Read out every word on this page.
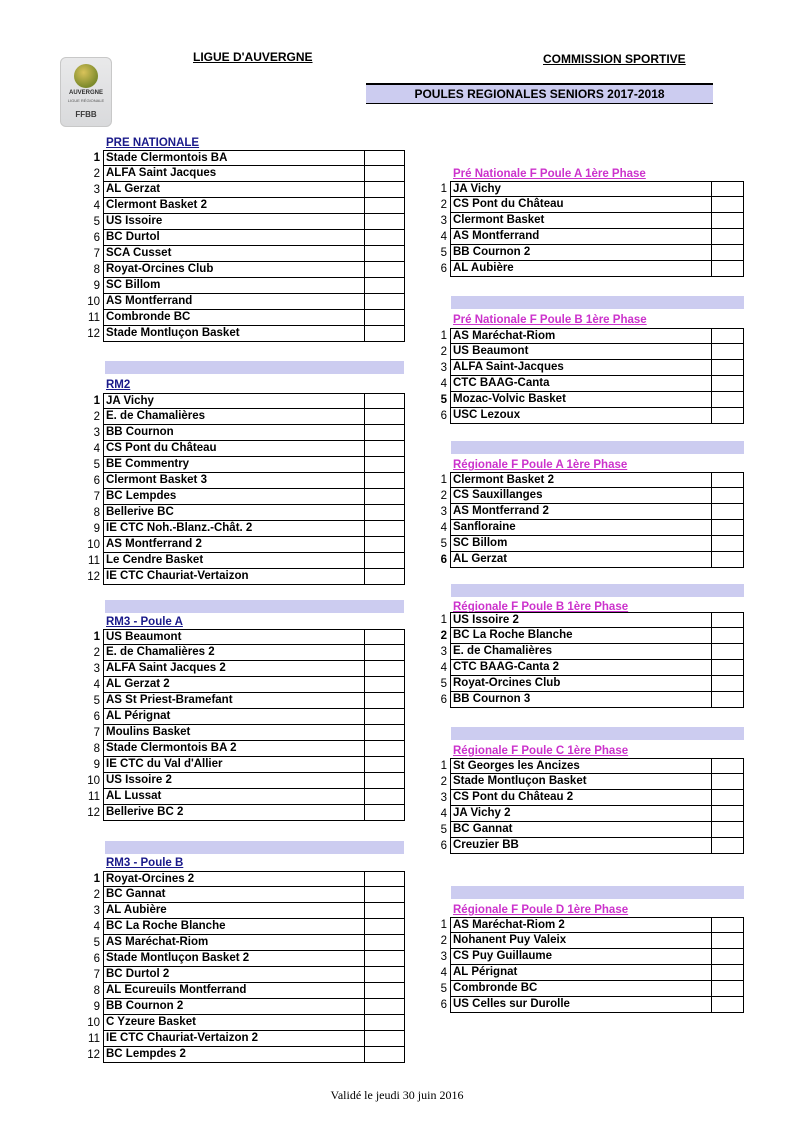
LIGUE D'AUVERGNE	COMMISSION SPORTIVE
POULES REGIONALES SENIORS 2017-2018
AUVERGNE
LIGUE RÉGIONALE
FFBB
PRE NATIONALE
1 Stade Clermontois BA
2 ALFA Saint Jacques
3 AL Gerzat
4 Clermont Basket 2
5 US Issoire
6 BC Durtol
7 SCA Cusset
8 Royat-Orcines Club
9 SC Billom
10 AS Montferrand
11 Combronde BC
12 Stade Montluçon Basket
RM2
1 JA Vichy
2 E. de Chamalières
3 BB Cournon
4 CS Pont du Château
5 BE Commentry
6 Clermont Basket 3
7 BC Lempdes
8 Bellerive BC
9 IE CTC Noh.-Blanz.-Chât. 2
10 AS Montferrand 2
11 Le Cendre Basket
12 IE CTC Chauriat-Vertaizon
RM3 - Poule A
1 US Beaumont
2 E. de Chamalières 2
3 ALFA Saint Jacques 2
4 AL Gerzat 2
5 AS St Priest-Bramefant
6 AL Pérignat
7 Moulins Basket
8 Stade Clermontois BA 2
9 IE CTC du Val d'Allier
10 US Issoire 2
11 AL Lussat
12 Bellerive BC 2
RM3 - Poule B
1 Royat-Orcines 2
2 BC Gannat
3 AL Aubière
4 BC La Roche Blanche
5 AS Maréchat-Riom
6 Stade Montluçon Basket 2
7 BC Durtol 2
8 AL Ecureuils Montferrand
9 BB Cournon 2
10 C Yzeure Basket
11 IE CTC Chauriat-Vertaizon 2
12 BC Lempdes 2
Pré Nationale F Poule A 1ère Phase
1 JA Vichy
2 CS Pont du Château
3 Clermont Basket
4 AS Montferrand
5 BB Cournon 2
6 AL Aubière
Pré Nationale F Poule B 1ère Phase
1 AS Maréchat-Riom
2 US Beaumont
3 ALFA Saint-Jacques
4 CTC BAAG-Canta
5 Mozac-Volvic Basket
6 USC Lezoux
Régionale F Poule A 1ère Phase
1 Clermont Basket 2
2 CS Sauxillanges
3 AS Montferrand 2
4 Sanfloraine
5 SC Billom
6 AL Gerzat
Régionale F Poule B 1ère Phase
1 US Issoire 2
2 BC La Roche Blanche
3 E. de Chamalières
4 CTC BAAG-Canta 2
5 Royat-Orcines Club
6 BB Cournon 3
Régionale F Poule C 1ère Phase
1 St Georges les Ancizes
2 Stade Montluçon Basket
3 CS Pont du Château 2
4 JA Vichy 2
5 BC Gannat
6 Creuzier BB
Régionale F Poule D 1ère Phase
1 AS Maréchat-Riom 2
2 Nohanent Puy Valeix
3 CS Puy Guillaume
4 AL Pérignat
5 Combronde BC
6 US Celles sur Durolle
Validé le jeudi 30 juin 2016
